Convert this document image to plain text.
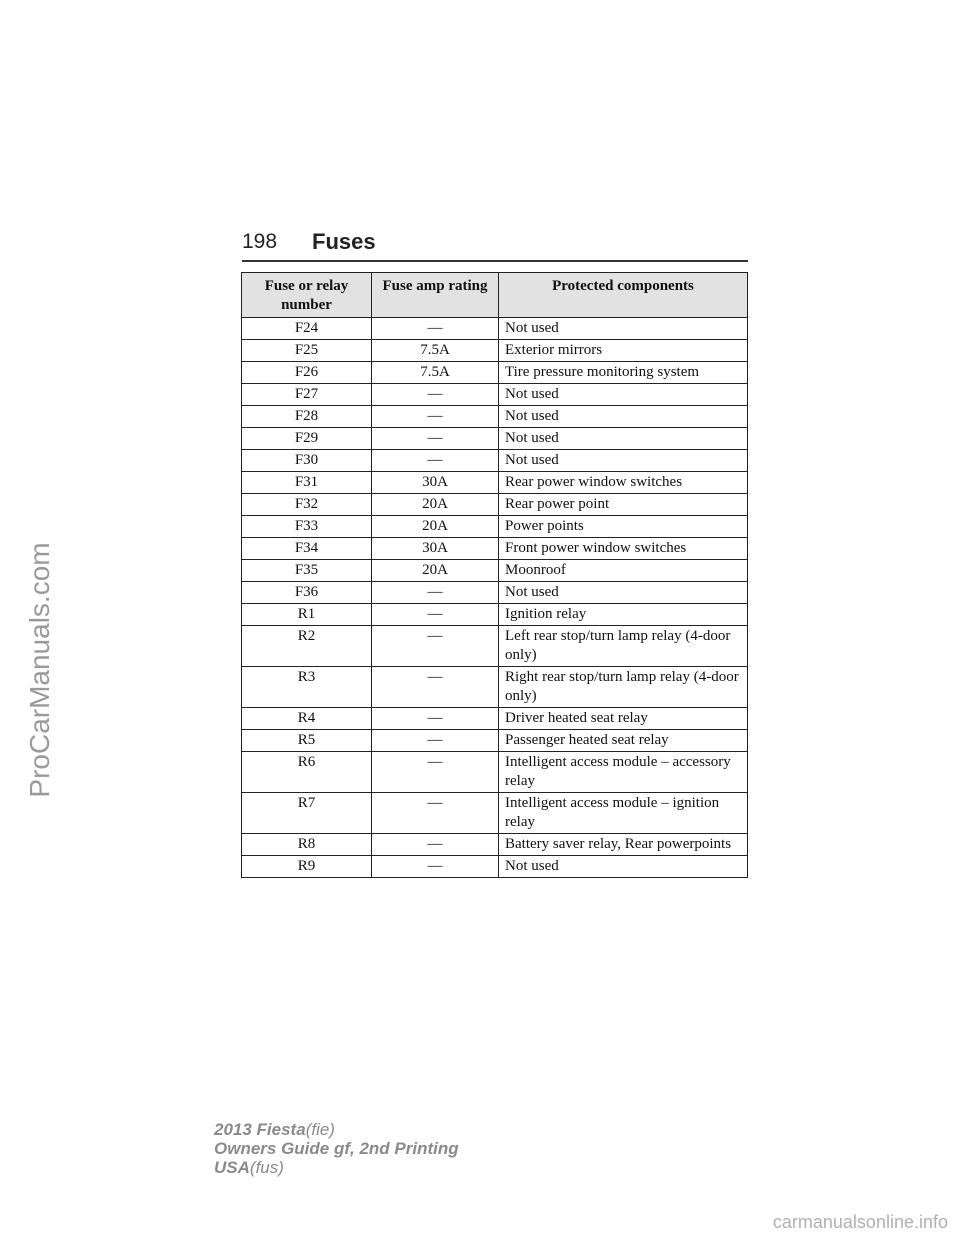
ProCarManuals.com
198 Fuses
Fuse or relay number	Fuse amp rating	Protected components
F24	—	Not used
F25	7.5A	Exterior mirrors
F26	7.5A	Tire pressure monitoring system
F27	—	Not used
F28	—	Not used
F29	—	Not used
F30	—	Not used
F31	30A	Rear power window switches
F32	20A	Rear power point
F33	20A	Power points
F34	30A	Front power window switches
F35	20A	Moonroof
F36	—	Not used
R1	—	Ignition relay
R2	—	Left rear stop/turn lamp relay (4-door only)
R3	—	Right rear stop/turn lamp relay (4-door only)
R4	—	Driver heated seat relay
R5	—	Passenger heated seat relay
R6	—	Intelligent access module – accessory relay
R7	—	Intelligent access module – ignition relay
R8	—	Battery saver relay, Rear powerpoints
R9	—	Not used
2013 Fiesta(fie)
Owners Guide gf, 2nd Printing
USA(fus)
carmanualsonline.info
